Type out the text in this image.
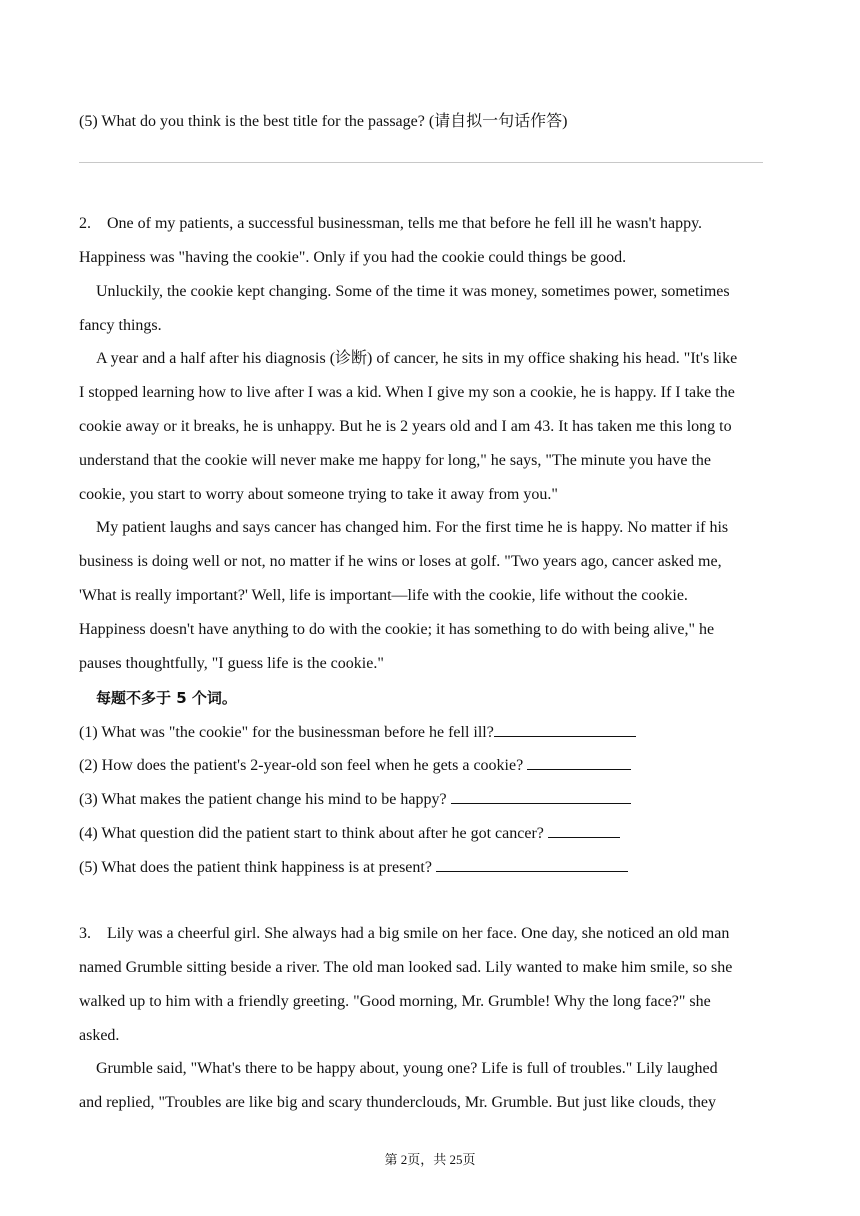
(5) What do you think is the best title for the passage? (请自拟一句话作答)
2.  One of my patients, a successful businessman, tells me that before he fell ill he wasn't happy.
Happiness was "having the cookie". Only if you had the cookie could things be good.
Unluckily, the cookie kept changing. Some of the time it was money, sometimes power, sometimes
fancy things.
A year and a half after his diagnosis (诊断) of cancer, he sits in my office shaking his head. "It's like
I stopped learning how to live after I was a kid. When I give my son a cookie, he is happy. If I take the
cookie away or it breaks, he is unhappy. But he is 2 years old and I am 43. It has taken me this long to
understand that the cookie will never make me happy for long," he says, "The minute you have the
cookie, you start to worry about someone trying to take it away from you."
My patient laughs and says cancer has changed him. For the first time he is happy. No matter if his
business is doing well or not, no matter if he wins or loses at golf. "Two years ago, cancer asked me,
'What is really important?' Well, life is important—life with the cookie, life without the cookie.
Happiness doesn't have anything to do with the cookie; it has something to do with being alive," he
pauses thoughtfully, "I guess life is the cookie."
每题不多于 5 个词。
(1) What was "the cookie" for the businessman before he fell ill?
(2) How does the patient's 2-year-old son feel when he gets a cookie?
(3) What makes the patient change his mind to be happy?
(4) What question did the patient start to think about after he got cancer?
(5) What does the patient think happiness is at present?
3.  Lily was a cheerful girl. She always had a big smile on her face. One day, she noticed an old man
named Grumble sitting beside a river. The old man looked sad. Lily wanted to make him smile, so she
walked up to him with a friendly greeting. "Good morning, Mr. Grumble! Why the long face?" she
asked.
Grumble said, "What's there to be happy about, young one? Life is full of troubles." Lily laughed
and replied, "Troubles are like big and scary thunderclouds, Mr. Grumble. But just like clouds, they
第 2页，共 25页
